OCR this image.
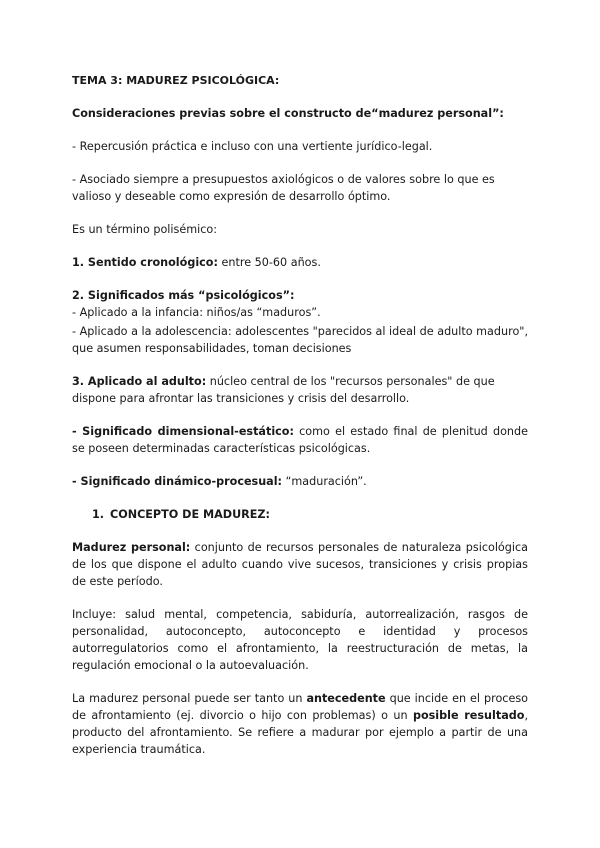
TEMA 3: MADUREZ PSICOLÓGICA:

Consideraciones previas sobre el constructo de“madurez personal”:

- Repercusión práctica e incluso con una vertiente jurídico-legal.

- Asociado siempre a presupuestos axiológicos o de valores sobre lo que es valioso y deseable como expresión de desarrollo óptimo.

Es un término polisémico:

1. Sentido cronológico: entre 50-60 años.

2. Significados más “psicológicos”:

- Aplicado a la infancia: niños/as “maduros”.

- Aplicado a la adolescencia: adolescentes "parecidos al ideal de adulto maduro", que asumen responsabilidades, toman decisiones

3. Aplicado al adulto: núcleo central de los "recursos personales" de que dispone para afrontar las transiciones y crisis del desarrollo.

- Significado dimensional-estático: como el estado final de plenitud donde se poseen determinadas características psicológicas.

- Significado dinámico-procesual: “maduración”.

1. CONCEPTO DE MADUREZ:

Madurez personal: conjunto de recursos personales de naturaleza psicológica de los que dispone el adulto cuando vive sucesos, transiciones y crisis propias de este período.

Incluye: salud mental, competencia, sabiduría, autorrealización, rasgos de personalidad, autoconcepto, autoconcepto e identidad y procesos autorregulatorios como el afrontamiento, la reestructuración de metas, la regulación emocional o la autoevaluación.

La madurez personal puede ser tanto un antecedente que incide en el proceso de afrontamiento (ej. divorcio o hijo con problemas) o un posible resultado, producto del afrontamiento. Se refiere a madurar por ejemplo a partir de una experiencia traumática.
